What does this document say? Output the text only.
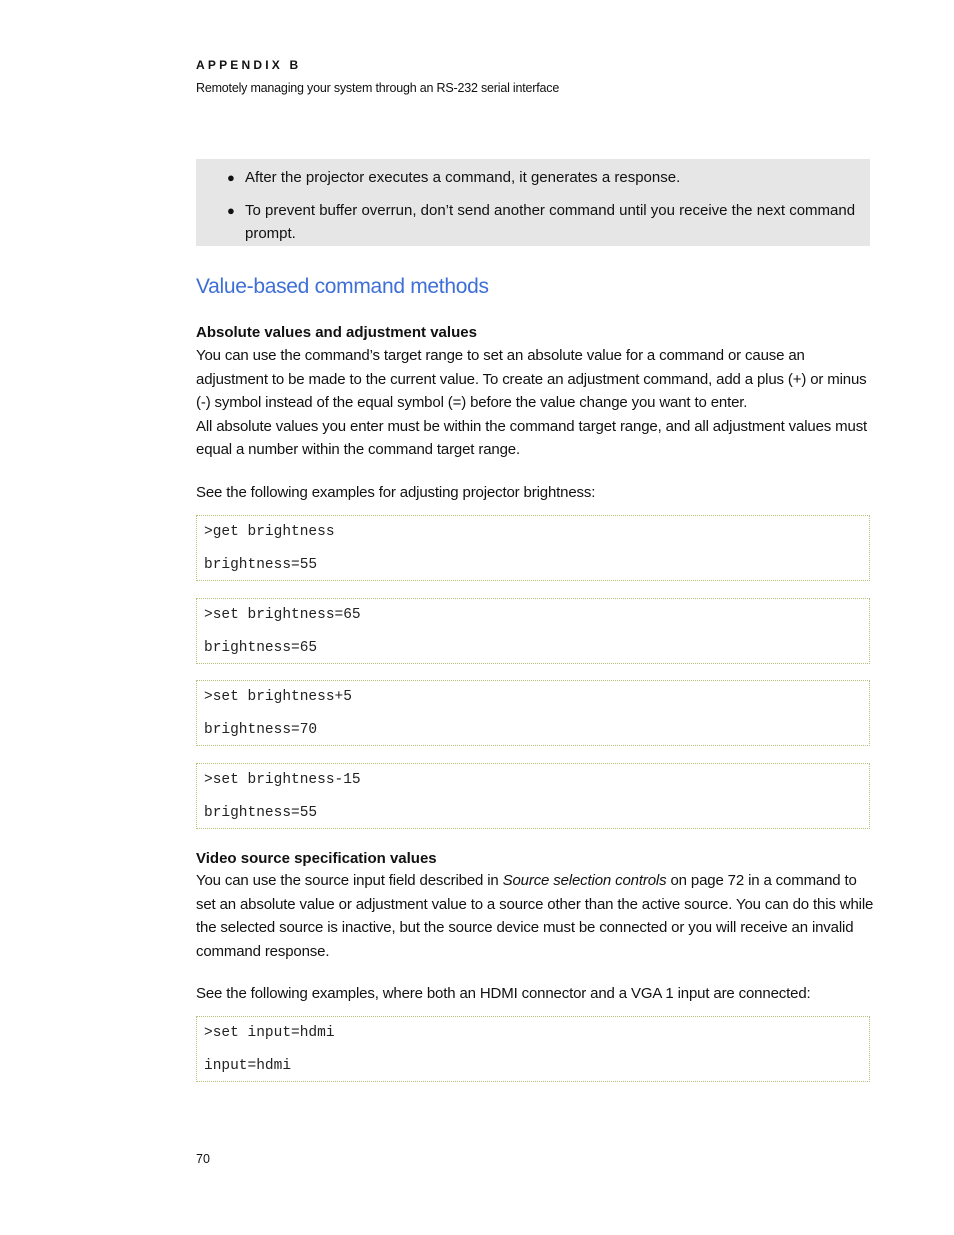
APPENDIX B
Remotely managing your system through an RS-232 serial interface
● After the projector executes a command, it generates a response.
● To prevent buffer overrun, don’t send another command until you receive the next command prompt.
Value-based command methods
Absolute values and adjustment values
You can use the command’s target range to set an absolute value for a command or cause an adjustment to be made to the current value. To create an adjustment command, add a plus (+) or minus (-) symbol instead of the equal symbol (=) before the value change you want to enter.
All absolute values you enter must be within the command target range, and all adjustment values must equal a number within the command target range.
See the following examples for adjusting projector brightness:
>get brightness
brightness=55
>set brightness=65
brightness=65
>set brightness+5
brightness=70
>set brightness-15
brightness=55
Video source specification values
You can use the source input field described in Source selection controls on page 72 in a command to set an absolute value or adjustment value to a source other than the active source. You can do this while the selected source is inactive, but the source device must be connected or you will receive an invalid command response.
See the following examples, where both an HDMI connector and a VGA 1 input are connected:
>set input=hdmi
input=hdmi
70
